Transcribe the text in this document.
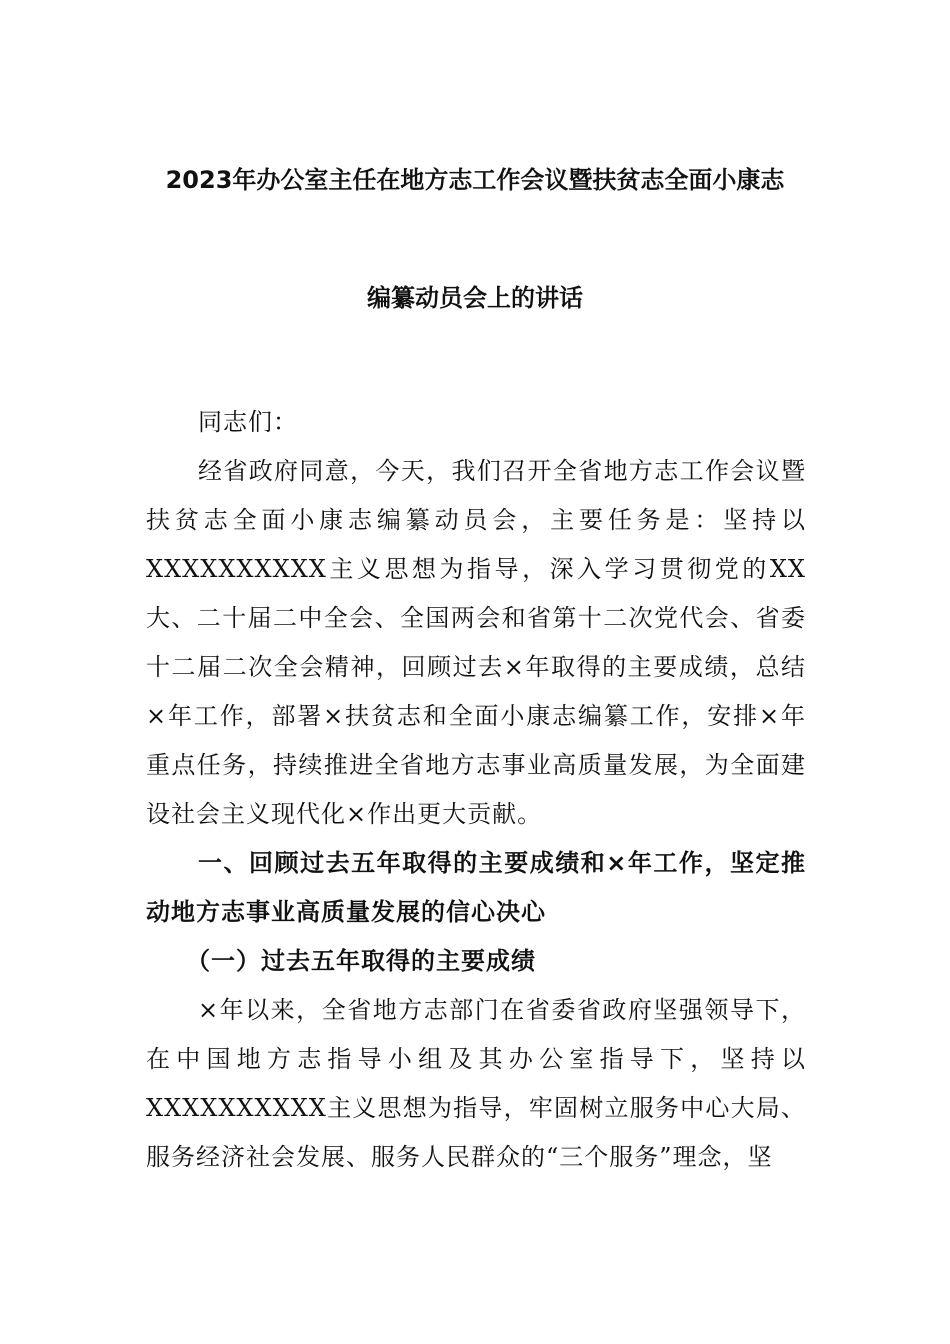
2023年办公室主任在地方志工作会议暨扶贫志全面小康志
编纂动员会上的讲话

同志们：

经省政府同意，今天，我们召开全省地方志工作会议暨扶贫志全面小康志编纂动员会，主要任务是：坚持以XXXXXXXXXX主义思想为指导，深入学习贯彻党的XX大、二十届二中全会、全国两会和省第十二次党代会、省委十二届二次全会精神，回顾过去×年取得的主要成绩，总结×年工作，部署×扶贫志和全面小康志编纂工作，安排×年重点任务，持续推进全省地方志事业高质量发展，为全面建设社会主义现代化×作出更大贡献。

一、回顾过去五年取得的主要成绩和×年工作，坚定推动地方志事业高质量发展的信心决心

（一）过去五年取得的主要成绩

×年以来，全省地方志部门在省委省政府坚强领导下，在中国地方志指导小组及其办公室指导下，坚持以XXXXXXXXXX主义思想为指导，牢固树立服务中心大局、服务经济社会发展、服务人民群众的“三个服务”理念，坚
